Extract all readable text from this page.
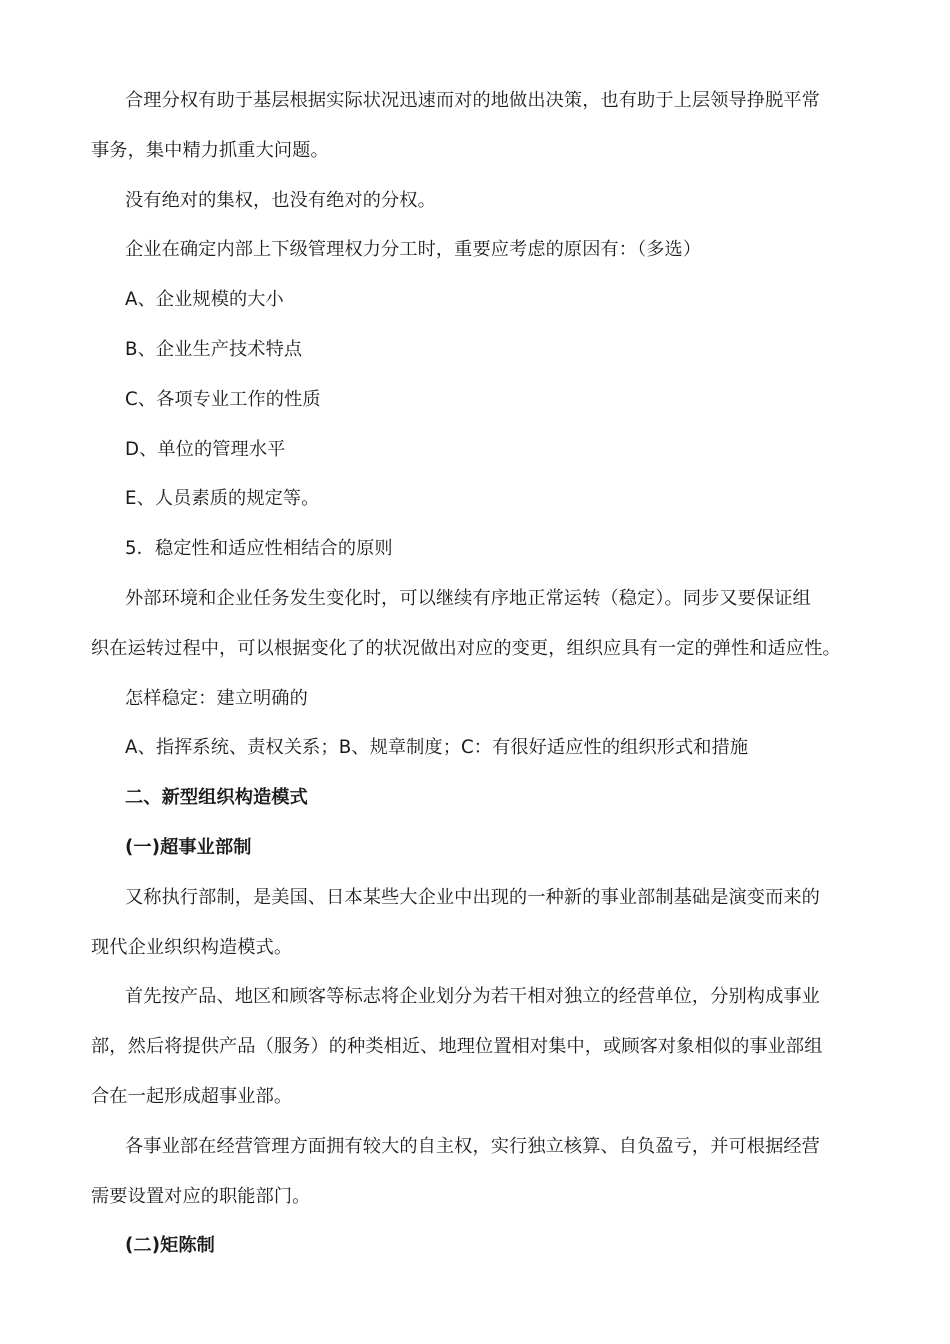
合理分权有助于基层根据实际状况迅速而对的地做出决策，也有助于上层领导挣脱平常
事务，集中精力抓重大问题。
没有绝对的集权，也没有绝对的分权。
企业在确定内部上下级管理权力分工时，重要应考虑的原因有：（多选）
A、企业规模的大小
B、企业生产技术特点
C、各项专业工作的性质
D、单位的管理水平
E、人员素质的规定等。
5．稳定性和适应性相结合的原则
外部环境和企业任务发生变化时，可以继续有序地正常运转（稳定）。同步又要保证组
织在运转过程中，可以根据变化了的状况做出对应的变更，组织应具有一定的弹性和适应性。
怎样稳定：建立明确的
A、指挥系统、责权关系；B、规章制度；C：有很好适应性的组织形式和措施
二、新型组织构造模式
(一)超事业部制
又称执行部制，是美国、日本某些大企业中出现的一种新的事业部制基础是演变而来的
现代企业织织构造模式。
首先按产品、地区和顾客等标志将企业划分为若干相对独立的经营单位，分别构成事业
部，然后将提供产品（服务）的种类相近、地理位置相对集中，或顾客对象相似的事业部组
合在一起形成超事业部。
各事业部在经营管理方面拥有较大的自主权，实行独立核算、自负盈亏，并可根据经营
需要设置对应的职能部门。
(二)矩陈制
